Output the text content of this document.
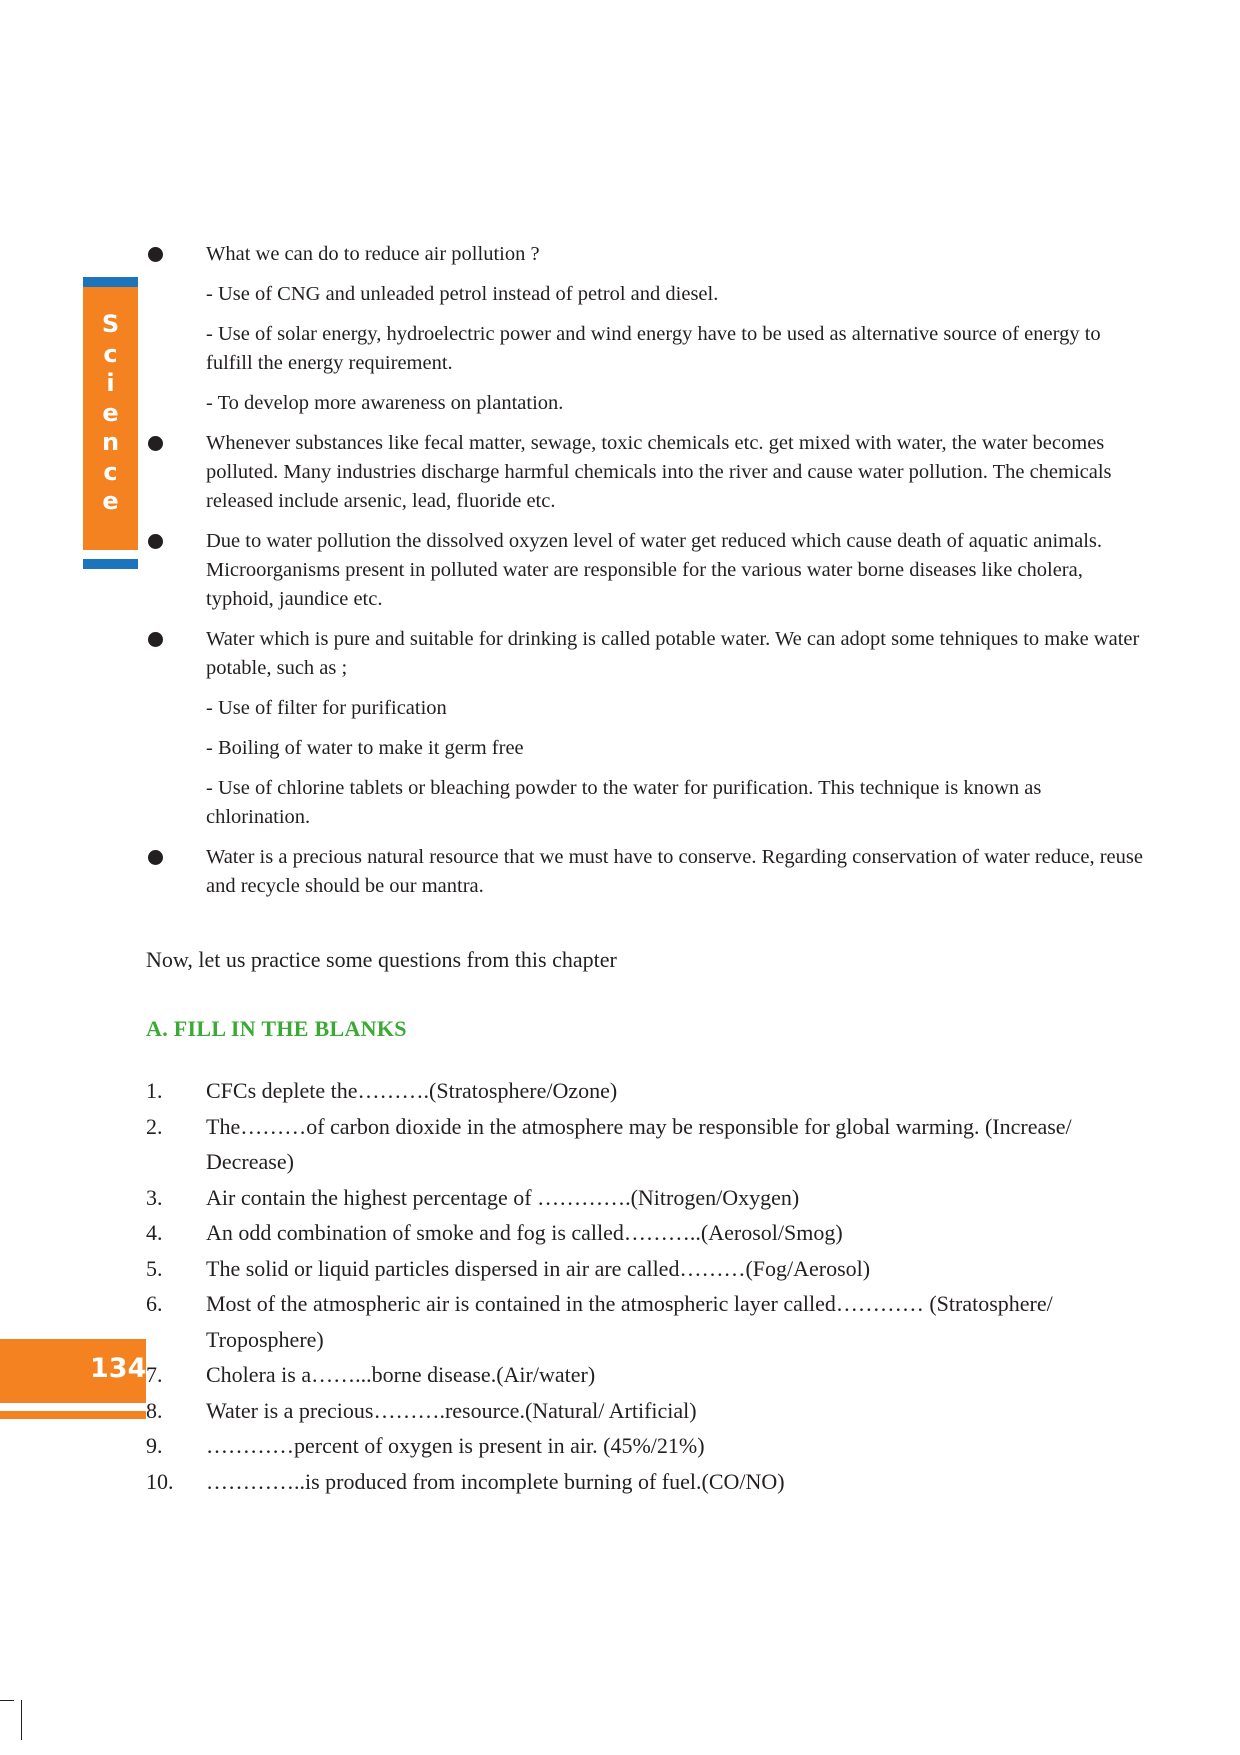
S
c
i
e
n
c
e

What we can do to reduce air pollution ?

- Use of CNG and unleaded petrol instead of petrol and diesel.

- Use of solar energy, hydroelectric power and wind energy have to be used as alternative source of energy to fulfill the energy requirement.

- To develop more awareness on plantation.

Whenever substances like fecal matter, sewage, toxic chemicals etc. get mixed with water, the water becomes polluted. Many industries discharge harmful chemicals into the river and cause water pollution. The chemicals released include arsenic, lead, fluoride etc.

Due to water pollution the dissolved oxyzen level of water get reduced which cause death of aquatic animals. Microorganisms present in polluted water are responsible for the various water borne diseases like cholera, typhoid, jaundice etc.

Water which is pure and suitable for drinking is called potable water. We can adopt some tehniques to make water potable, such as ;

- Use of filter for purification

- Boiling of water to make it germ free

- Use of chlorine tablets or bleaching powder to the water for purification. This technique is known as chlorination.

Water is a precious natural resource that we must have to conserve. Regarding conservation of water reduce, reuse and recycle should be our mantra.

Now, let us practice some questions from this chapter
A. FILL IN THE BLANKS
1.	CFCs deplete the……….(Stratosphere/Ozone)
2.	The………of carbon dioxide in the atmosphere may be responsible for global warming. (Increase/ Decrease)
3.	Air contain the highest percentage of ………….(Nitrogen/Oxygen)
4.	An odd combination of smoke and fog is called………..(Aerosol/Smog)
5.	The solid or liquid particles dispersed in air are called………(Fog/Aerosol)
6.	Most of the atmospheric air is contained in the atmospheric layer called………… (Stratosphere/ Troposphere)
7.	Cholera is a……...borne disease.(Air/water)
8.	Water is a precious……….resource.(Natural/ Artificial)
9.	…………percent of oxygen is present in air. (45%/21%)
10.	…………..is produced from incomplete burning of fuel.(CO/NO)
134
